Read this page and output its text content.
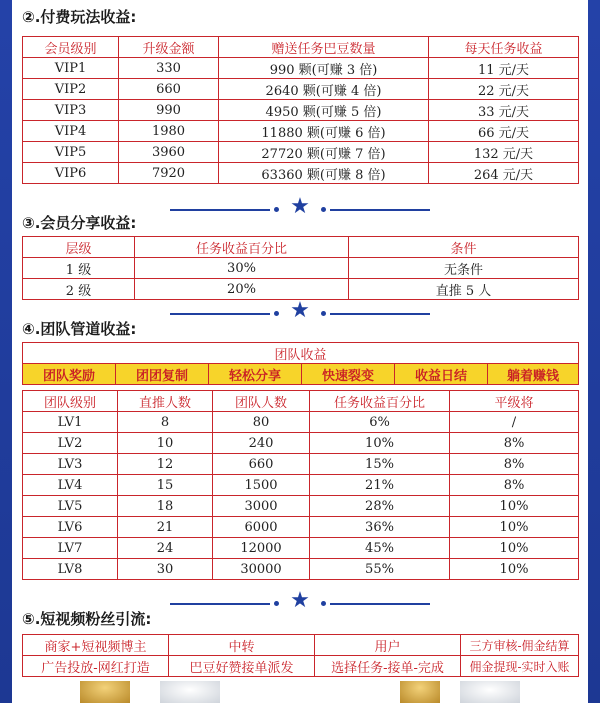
②.付费玩法收益:
会员级别	升级金额	赠送任务巴豆数量	每天任务收益
VIP1	330	990 颗(可赚 3 倍)	11 元/天
VIP2	660	2640 颗(可赚 4 倍)	22 元/天
VIP3	990	4950 颗(可赚 5 倍)	33 元/天
VIP4	1980	11880 颗(可赚 6 倍)	66 元/天
VIP5	3960	27720 颗(可赚 7 倍)	132 元/天
VIP6	7920	63360 颗(可赚 8 倍)	264 元/天
★
③.会员分享收益:
层级	任务收益百分比	条件
1 级	30%	无条件
2 级	20%	直推 5 人
★
④.团队管道收益:
团队收益
团队奖励	团团复制	轻松分享	快速裂变	收益日结	躺着赚钱
团队级别	直推人数	团队人数	任务收益百分比	平级将
LV1	8	80	6%	/
LV2	10	240	10%	8%
LV3	12	660	15%	8%
LV4	15	1500	21%	8%
LV5	18	3000	28%	10%
LV6	21	6000	36%	10%
LV7	24	12000	45%	10%
LV8	30	30000	55%	10%
★
⑤.短视频粉丝引流:
商家+短视频博主	中转	用户	三方审核-佣金结算
广告投放-网红打造	巴豆好赞接单派发	选择任务-接单-完成	佣金提现-实时入账
